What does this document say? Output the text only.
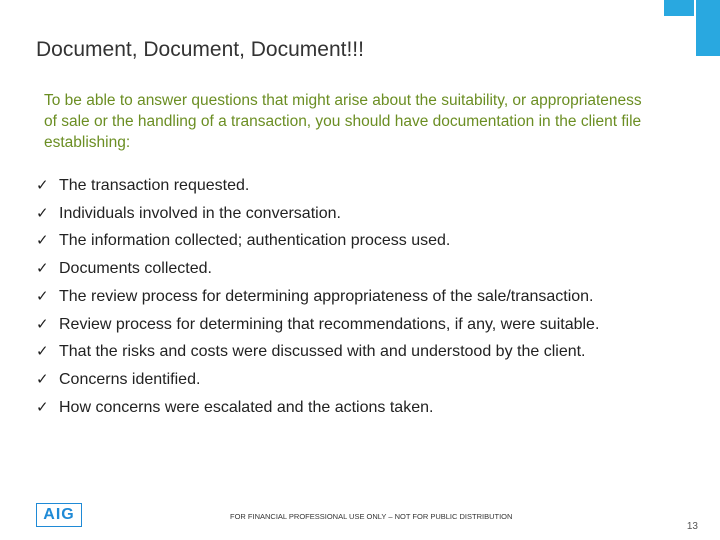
Document, Document, Document!!!
To be able to answer questions that might arise about the suitability, or appropriateness of sale or the handling of a transaction, you should have documentation in the client file establishing:
✓ The transaction requested.
✓ Individuals involved in the conversation.
✓ The information collected; authentication process used.
✓ Documents collected.
✓ The review process for determining appropriateness of the sale/transaction.
✓ Review process for determining that recommendations, if any, were suitable.
✓ That the risks and costs were discussed with and understood by the client.
✓ Concerns identified.
✓ How concerns were escalated and the actions taken.
AIG	FOR FINANCIAL PROFESSIONAL USE ONLY – NOT FOR PUBLIC DISTRIBUTION
13
